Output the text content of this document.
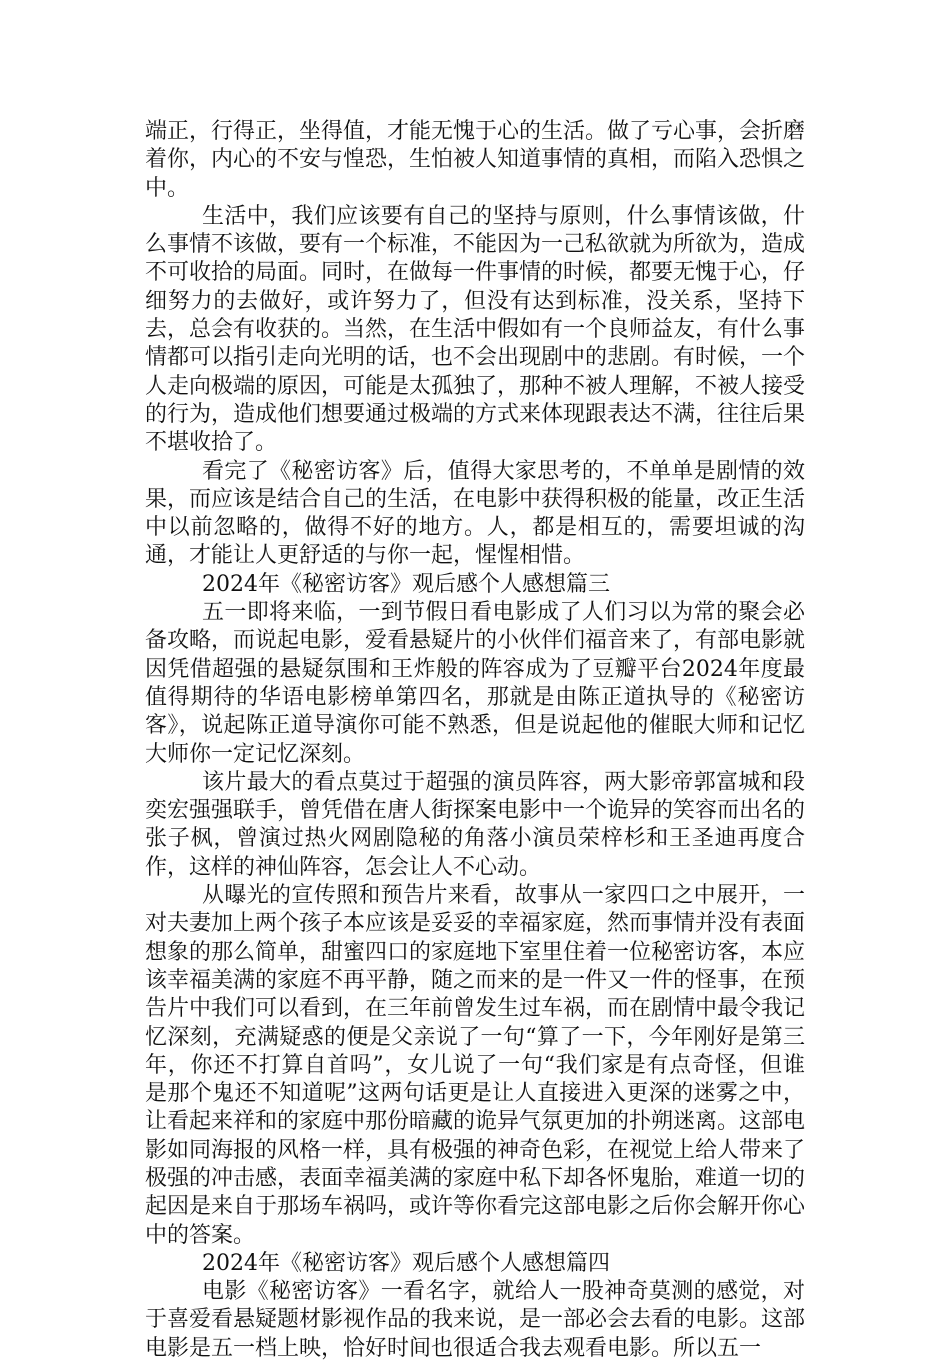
端正，行得正，坐得值，才能无愧于心的生活。做了亏心事，会折磨着你，内心的不安与惶恐，生怕被人知道事情的真相，而陷入恐惧之中。

生活中，我们应该要有自己的坚持与原则，什么事情该做，什么事情不该做，要有一个标准，不能因为一己私欲就为所欲为，造成不可收拾的局面。同时，在做每一件事情的时候，都要无愧于心，仔细努力的去做好，或许努力了，但没有达到标准，没关系，坚持下去，总会有收获的。当然，在生活中假如有一个良师益友，有什么事情都可以指引走向光明的话，也不会出现剧中的悲剧。有时候，一个人走向极端的原因，可能是太孤独了，那种不被人理解，不被人接受的行为，造成他们想要通过极端的方式来体现跟表达不满，往往后果不堪收拾了。

看完了《秘密访客》后，值得大家思考的，不单单是剧情的效果，而应该是结合自己的生活，在电影中获得积极的能量，改正生活中以前忽略的，做得不好的地方。人，都是相互的，需要坦诚的沟通，才能让人更舒适的与你一起，惺惺相惜。

2024年《秘密访客》观后感个人感想篇三

五一即将来临，一到节假日看电影成了人们习以为常的聚会必备攻略，而说起电影，爱看悬疑片的小伙伴们福音来了，有部电影就因凭借超强的悬疑氛围和王炸般的阵容成为了豆瓣平台2024年度最值得期待的华语电影榜单第四名，那就是由陈正道执导的《秘密访客》，说起陈正道导演你可能不熟悉，但是说起他的催眠大师和记忆大师你一定记忆深刻。

该片最大的看点莫过于超强的演员阵容，两大影帝郭富城和段奕宏强强联手，曾凭借在唐人街探案电影中一个诡异的笑容而出名的张子枫，曾演过热火网剧隐秘的角落小演员荣梓杉和王圣迪再度合作，这样的神仙阵容，怎会让人不心动。

从曝光的宣传照和预告片来看，故事从一家四口之中展开，一对夫妻加上两个孩子本应该是妥妥的幸福家庭，然而事情并没有表面想象的那么简单，甜蜜四口的家庭地下室里住着一位秘密访客，本应该幸福美满的家庭不再平静，随之而来的是一件又一件的怪事，在预告片中我们可以看到，在三年前曾发生过车祸，而在剧情中最令我记忆深刻，充满疑惑的便是父亲说了一句“算了一下，今年刚好是第三年，你还不打算自首吗”，女儿说了一句“我们家是有点奇怪，但谁是那个鬼还不知道呢”这两句话更是让人直接进入更深的迷雾之中，让看起来祥和的家庭中那份暗藏的诡异气氛更加的扑朔迷离。这部电影如同海报的风格一样，具有极强的神奇色彩，在视觉上给人带来了极强的冲击感，表面幸福美满的家庭中私下却各怀鬼胎，难道一切的起因是来自于那场车祸吗，或许等你看完这部电影之后你会解开你心中的答案。

2024年《秘密访客》观后感个人感想篇四

电影《秘密访客》一看名字，就给人一股神奇莫测的感觉，对于喜爱看悬疑题材影视作品的我来说，是一部必会去看的电影。这部电影是五一档上映，恰好时间也很适合我去观看电影。所以五一
